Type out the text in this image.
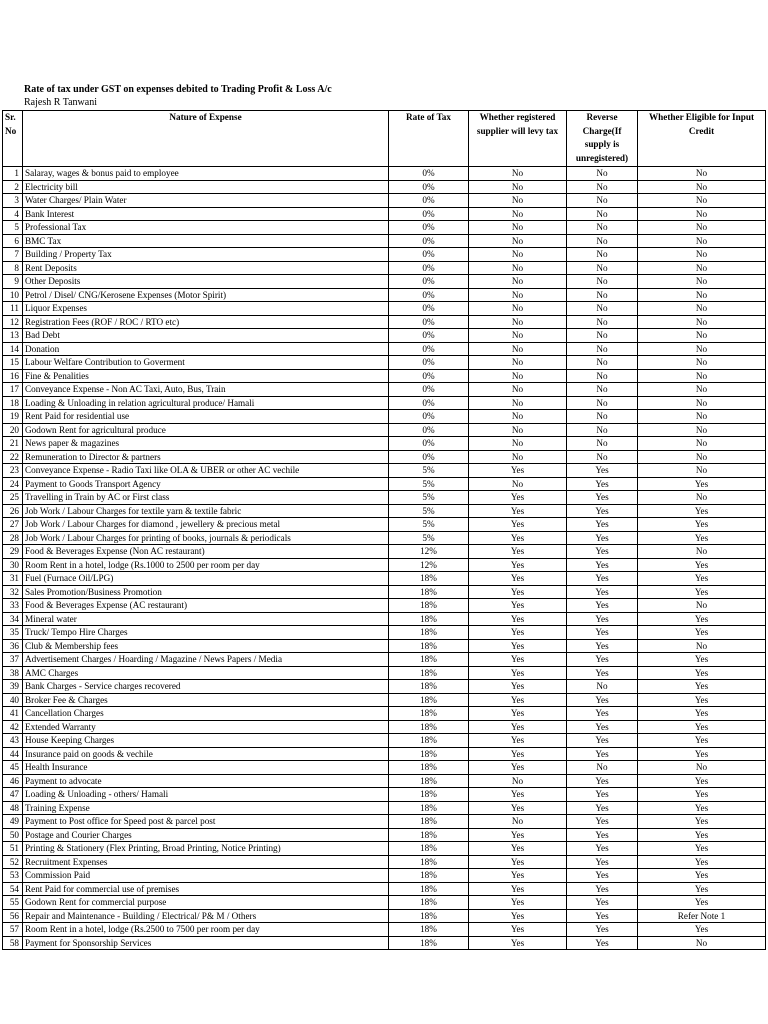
Rate of tax under GST on expenses debited to Trading Profit & Loss A/c
Rajesh R Tanwani
Sr. No	Nature of Expense	Rate of Tax	Whether registered supplier will levy tax	Reverse Charge(If supply is unregistered)	Whether Eligible for Input Credit
1	Salaray, wages & bonus paid to employee	0%	No	No	No
2	Electricity bill	0%	No	No	No
3	Water Charges/ Plain Water	0%	No	No	No
4	Bank Interest	0%	No	No	No
5	Professional Tax	0%	No	No	No
6	BMC Tax	0%	No	No	No
7	Building / Property Tax	0%	No	No	No
8	Rent Deposits	0%	No	No	No
9	Other Deposits	0%	No	No	No
10	Petrol / Disel/ CNG/Kerosene Expenses (Motor Spirit)	0%	No	No	No
11	Liquor Expenses	0%	No	No	No
12	Registration Fees (ROF / ROC / RTO etc)	0%	No	No	No
13	Bad Debt	0%	No	No	No
14	Donation	0%	No	No	No
15	Labour Welfare Contribution to Goverment	0%	No	No	No
16	Fine & Penalities	0%	No	No	No
17	Conveyance Expense - Non AC Taxi, Auto, Bus, Train	0%	No	No	No
18	Loading & Unloading in relation agricultural produce/ Hamali	0%	No	No	No
19	Rent Paid for residential use	0%	No	No	No
20	Godown Rent for agricultural produce	0%	No	No	No
21	News paper & magazines	0%	No	No	No
22	Remuneration to Director & partners	0%	No	No	No
23	Conveyance Expense - Radio Taxi like OLA & UBER or other AC vechile	5%	Yes	Yes	No
24	Payment to Goods Transport Agency	5%	No	Yes	Yes
25	Travelling in Train by AC or First class	5%	Yes	Yes	No
26	Job Work / Labour Charges for textile yarn & textile fabric	5%	Yes	Yes	Yes
27	Job Work / Labour Charges for diamond , jewellery & precious metal	5%	Yes	Yes	Yes
28	Job Work / Labour Charges for printing of books, journals & periodicals	5%	Yes	Yes	Yes
29	Food & Beverages Expense (Non AC restaurant)	12%	Yes	Yes	No
30	Room Rent in a hotel, lodge (Rs.1000 to 2500 per room per day	12%	Yes	Yes	Yes
31	Fuel (Furnace Oil/LPG)	18%	Yes	Yes	Yes
32	Sales Promotion/Business Promotion	18%	Yes	Yes	Yes
33	Food & Beverages Expense (AC restaurant)	18%	Yes	Yes	No
34	Mineral water	18%	Yes	Yes	Yes
35	Truck/ Tempo Hire Charges	18%	Yes	Yes	Yes
36	Club & Membership fees	18%	Yes	Yes	No
37	Advertisement Charges / Hoarding / Magazine / News Papers / Media	18%	Yes	Yes	Yes
38	AMC Charges	18%	Yes	Yes	Yes
39	Bank Charges - Service charges recovered	18%	Yes	No	Yes
40	Broker Fee & Charges	18%	Yes	Yes	Yes
41	Cancellation Charges	18%	Yes	Yes	Yes
42	Extended Warranty	18%	Yes	Yes	Yes
43	House Keeping Charges	18%	Yes	Yes	Yes
44	Insurance paid on goods & vechile	18%	Yes	Yes	Yes
45	Health Insurance	18%	Yes	No	No
46	Payment to advocate	18%	No	Yes	Yes
47	Loading & Unloading - others/ Hamali	18%	Yes	Yes	Yes
48	Training Expense	18%	Yes	Yes	Yes
49	Payment to Post office for Speed post & parcel post	18%	No	Yes	Yes
50	Postage and Courier Charges	18%	Yes	Yes	Yes
51	Printing & Stationery (Flex Printing, Broad Printing, Notice Printing)	18%	Yes	Yes	Yes
52	Recruitment Expenses	18%	Yes	Yes	Yes
53	Commission Paid	18%	Yes	Yes	Yes
54	Rent Paid for commercial use of premises	18%	Yes	Yes	Yes
55	Godown Rent for commercial purpose	18%	Yes	Yes	Yes
56	Repair and Maintenance - Building / Electrical/ P& M / Others	18%	Yes	Yes	Refer Note 1
57	Room Rent in a hotel, lodge (Rs.2500 to 7500 per room per day	18%	Yes	Yes	Yes
58	Payment for Sponsorship Services	18%	Yes	Yes	No
